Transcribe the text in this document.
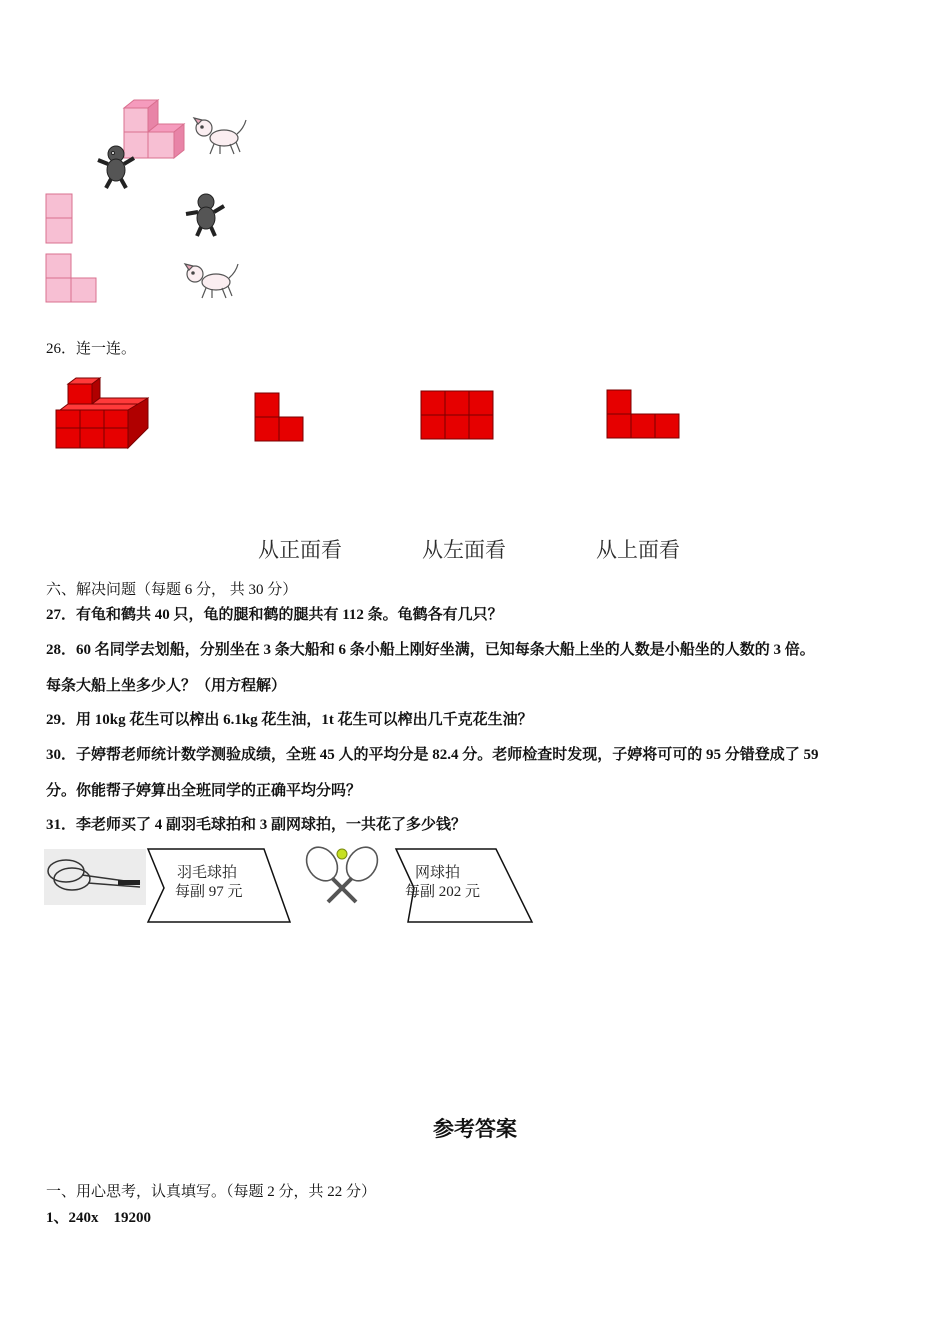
26．连一连。
从正面看	从左面看	从上面看
六、解决问题（每题 6 分， 共 30 分）
27．有龟和鹤共 40 只，龟的腿和鹤的腿共有 112 条。龟鹤各有几只？
28．60 名同学去划船，分别坐在 3 条大船和 6 条小船上刚好坐满，已知每条大船上坐的人数是小船坐的人数的 3 倍。
每条大船上坐多少人？（用方程解）
29．用 10kg 花生可以榨出 6.1kg 花生油，1t 花生可以榨出几千克花生油？
30．子婷帮老师统计数学测验成绩，全班 45 人的平均分是 82.4 分。老师检查时发现，子婷将可可的 95 分错登成了 59
分。你能帮子婷算出全班同学的正确平均分吗？
31．李老师买了 4 副羽毛球拍和 3 副网球拍，一共花了多少钱？
羽毛球拍
每副 97 元
网球拍
每副 202 元
参考答案
一、用心思考，认真填写。（每题 2 分，共 22 分）
1、240x    19200
